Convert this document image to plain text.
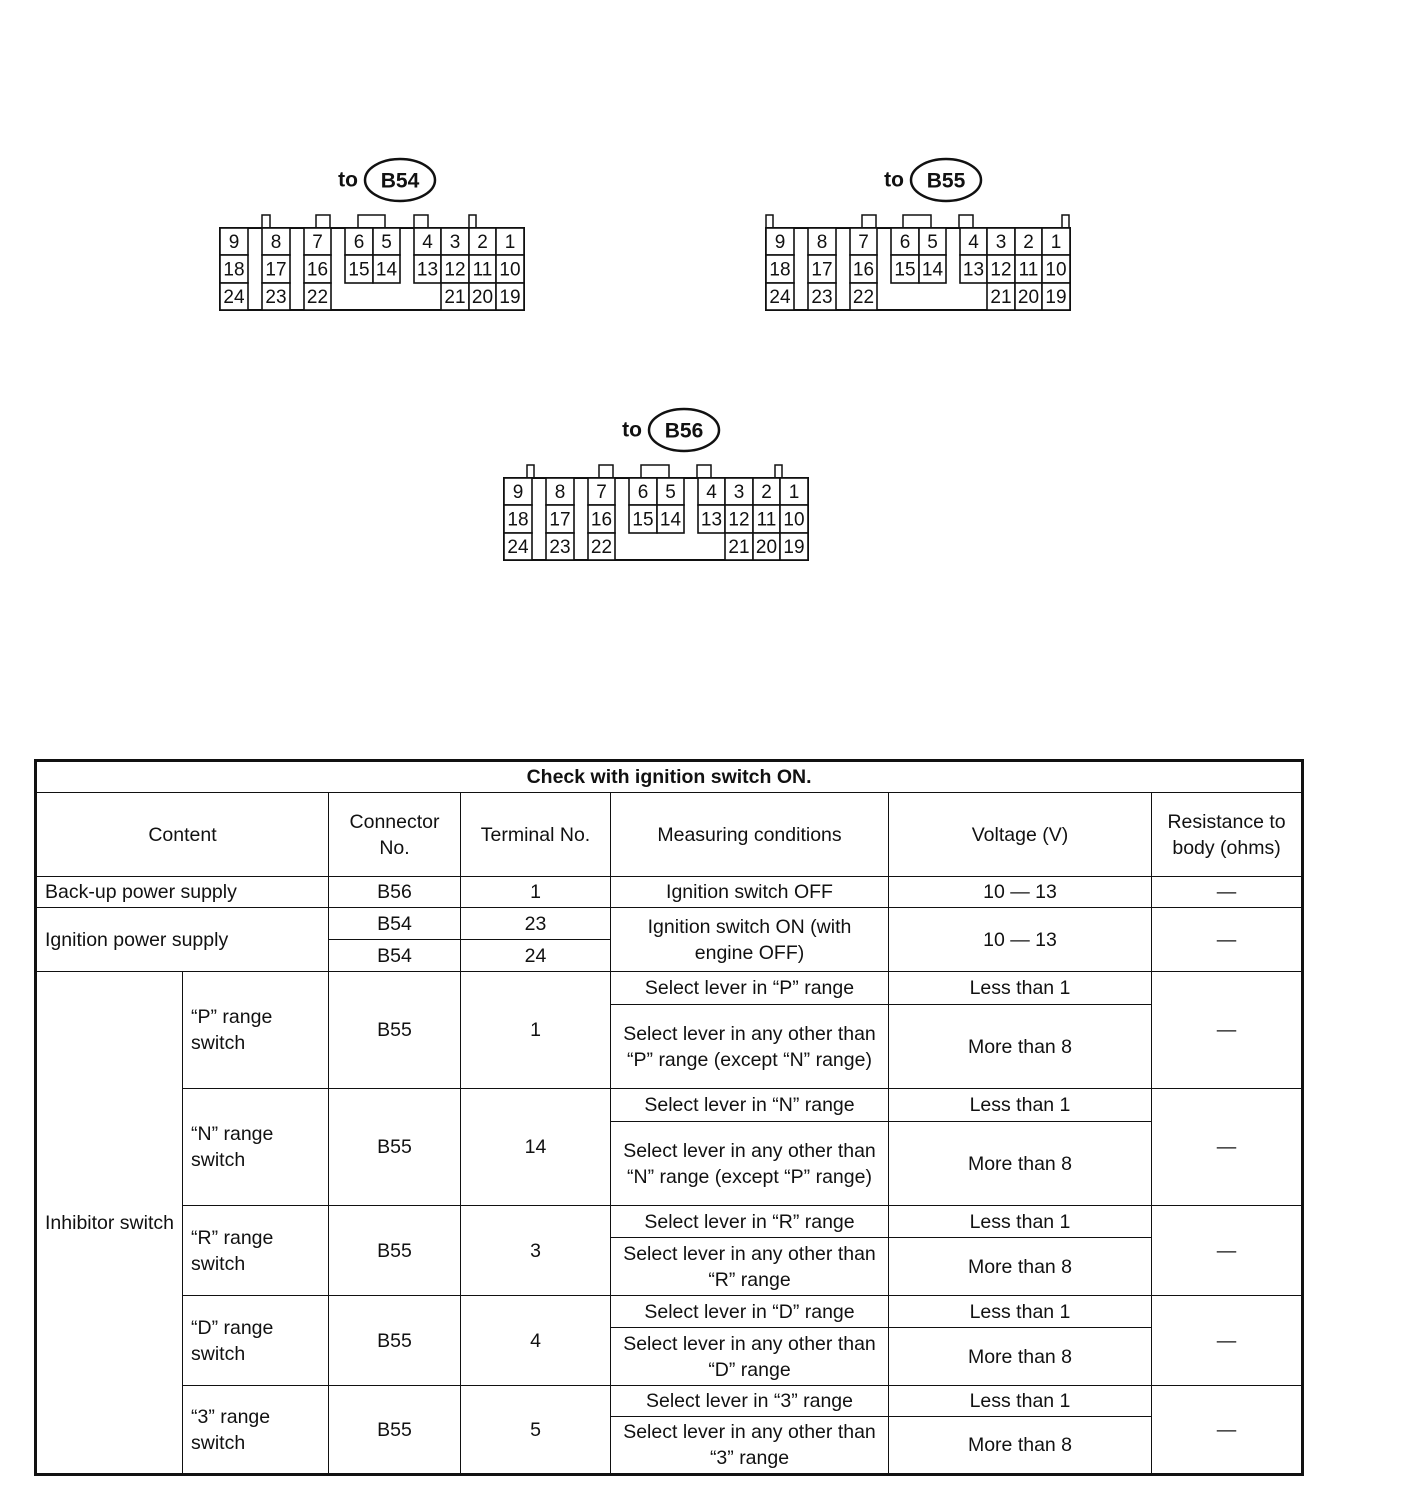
to B54
9 8 7 6 5 4 3 2 1
18 17 16 15 14 13 12 11 10
24 23 22	21 20 19
to B55
9 8 7 6 5 4 3 2 1
18 17 16 15 14 13 12 11 10
24 23 22	21 20 19
to B56
9 8 7 6 5 4 3 2 1
18 17 16 15 14 13 12 11 10
24 23 22	21 20 19
Check with ignition switch ON.						
Content		Connector No.	Terminal No.	Measuring conditions	Voltage (V)	Resistance to body (ohms)
Back-up power supply		B56	1	Ignition switch OFF	10 — 13	—
Ignition power supply		B54	23	Ignition switch ON (with engine OFF)	10 — 13	—
		B54	24			
Inhibitor switch	“P” range switch	B55	1	Select lever in “P” range	Less than 1	—
				Select lever in any other than “P” range (except “N” range)	More than 8	
	“N” range switch	B55	14	Select lever in “N” range	Less than 1	—
				Select lever in any other than “N” range (except “P” range)	More than 8	
	“R” range switch	B55	3	Select lever in “R” range	Less than 1	—
				Select lever in any other than “R” range	More than 8	
	“D” range switch	B55	4	Select lever in “D” range	Less than 1	—
				Select lever in any other than “D” range	More than 8	
	“3” range switch	B55	5	Select lever in “3” range	Less than 1	—
				Select lever in any other than “3” range	More than 8	
